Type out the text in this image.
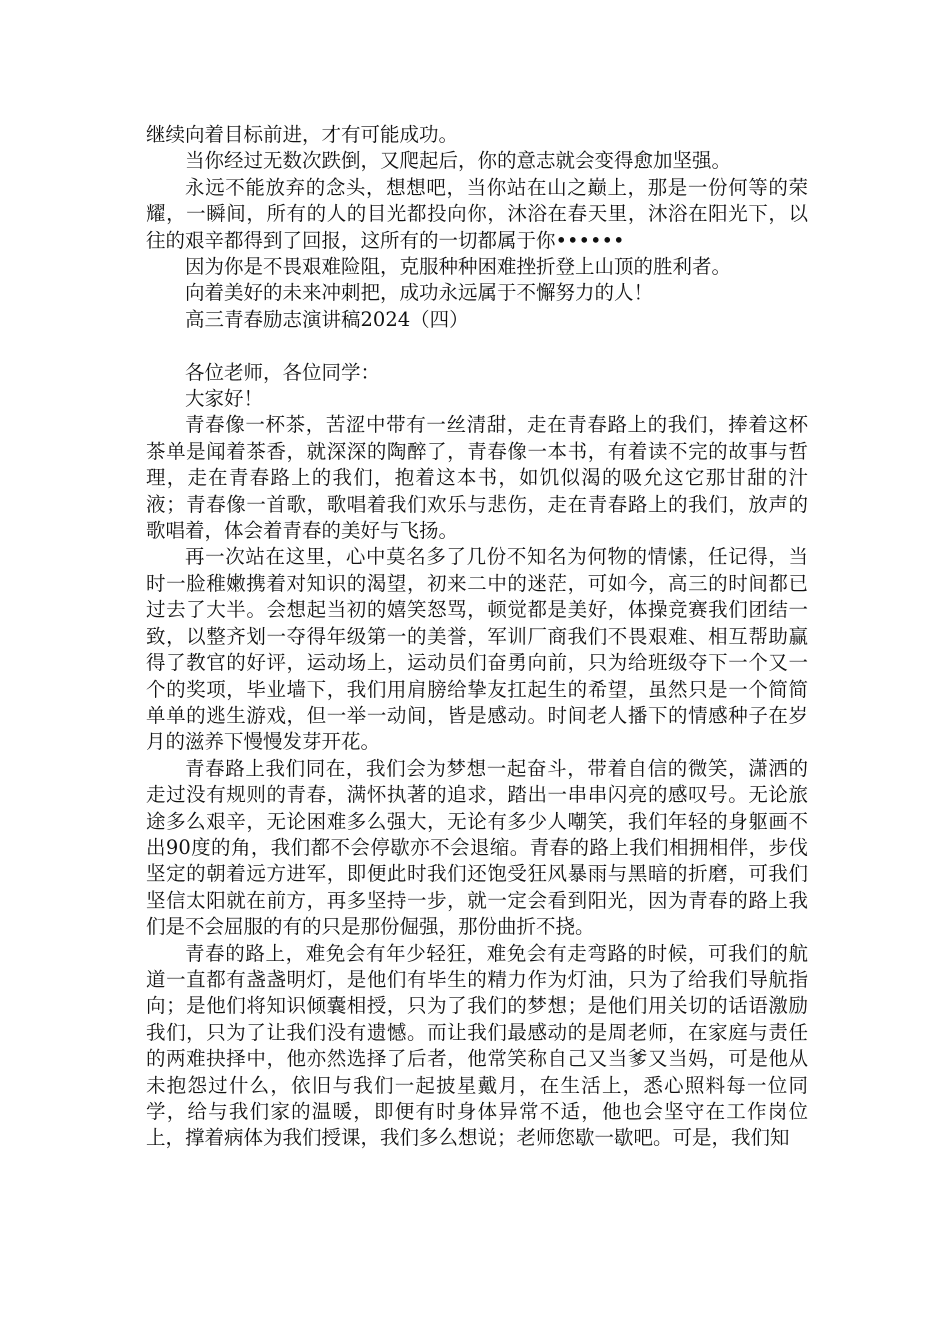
继续向着目标前进，才有可能成功。

当你经过无数次跌倒，又爬起后，你的意志就会变得愈加坚强。

永远不能放弃的念头，想想吧，当你站在山之巅上，那是一份何等的荣耀，一瞬间，所有的人的目光都投向你，沐浴在春天里，沐浴在阳光下，以往的艰辛都得到了回报，这所有的一切都属于你••••••

因为你是不畏艰难险阻，克服种种困难挫折登上山顶的胜利者。

向着美好的未来冲刺把，成功永远属于不懈努力的人！

高三青春励志演讲稿2024（四）

各位老师，各位同学：

大家好！

青春像一杯茶，苦涩中带有一丝清甜，走在青春路上的我们，捧着这杯茶单是闻着茶香，就深深的陶醉了，青春像一本书，有着读不完的故事与哲理，走在青春路上的我们，抱着这本书，如饥似渴的吸允这它那甘甜的汁液；青春像一首歌，歌唱着我们欢乐与悲伤，走在青春路上的我们，放声的歌唱着，体会着青春的美好与飞扬。

再一次站在这里，心中莫名多了几份不知名为何物的情愫，任记得，当时一脸稚嫩携着对知识的渴望，初来二中的迷茫，可如今，高三的时间都已过去了大半。会想起当初的嬉笑怒骂，顿觉都是美好，体操竞赛我们团结一致，以整齐划一夺得年级第一的美誉，军训厂商我们不畏艰难、相互帮助赢得了教官的好评，运动场上，运动员们奋勇向前，只为给班级夺下一个又一个的奖项，毕业墙下，我们用肩膀给挚友扛起生的希望，虽然只是一个简简单单的逃生游戏，但一举一动间，皆是感动。时间老人播下的情感种子在岁月的滋养下慢慢发芽开花。

青春路上我们同在，我们会为梦想一起奋斗，带着自信的微笑，潇洒的走过没有规则的青春，满怀执著的追求，踏出一串串闪亮的感叹号。无论旅途多么艰辛，无论困难多么强大，无论有多少人嘲笑，我们年轻的身躯画不出90度的角，我们都不会停歇亦不会退缩。青春的路上我们相拥相伴，步伐坚定的朝着远方进军，即便此时我们还饱受狂风暴雨与黑暗的折磨，可我们坚信太阳就在前方，再多坚持一步，就一定会看到阳光，因为青春的路上我们是不会屈服的有的只是那份倔强，那份曲折不挠。

青春的路上，难免会有年少轻狂，难免会有走弯路的时候，可我们的航道一直都有盏盏明灯，是他们有毕生的精力作为灯油，只为了给我们导航指向；是他们将知识倾囊相授，只为了我们的梦想；是他们用关切的话语激励我们，只为了让我们没有遗憾。而让我们最感动的是周老师，在家庭与责任的两难抉择中，他亦然选择了后者，他常笑称自己又当爹又当妈，可是他从未抱怨过什么，依旧与我们一起披星戴月，在生活上，悉心照料每一位同学，给与我们家的温暖，即便有时身体异常不适，他也会坚守在工作岗位上，撑着病体为我们授课，我们多么想说；老师您歇一歇吧。可是，我们知
